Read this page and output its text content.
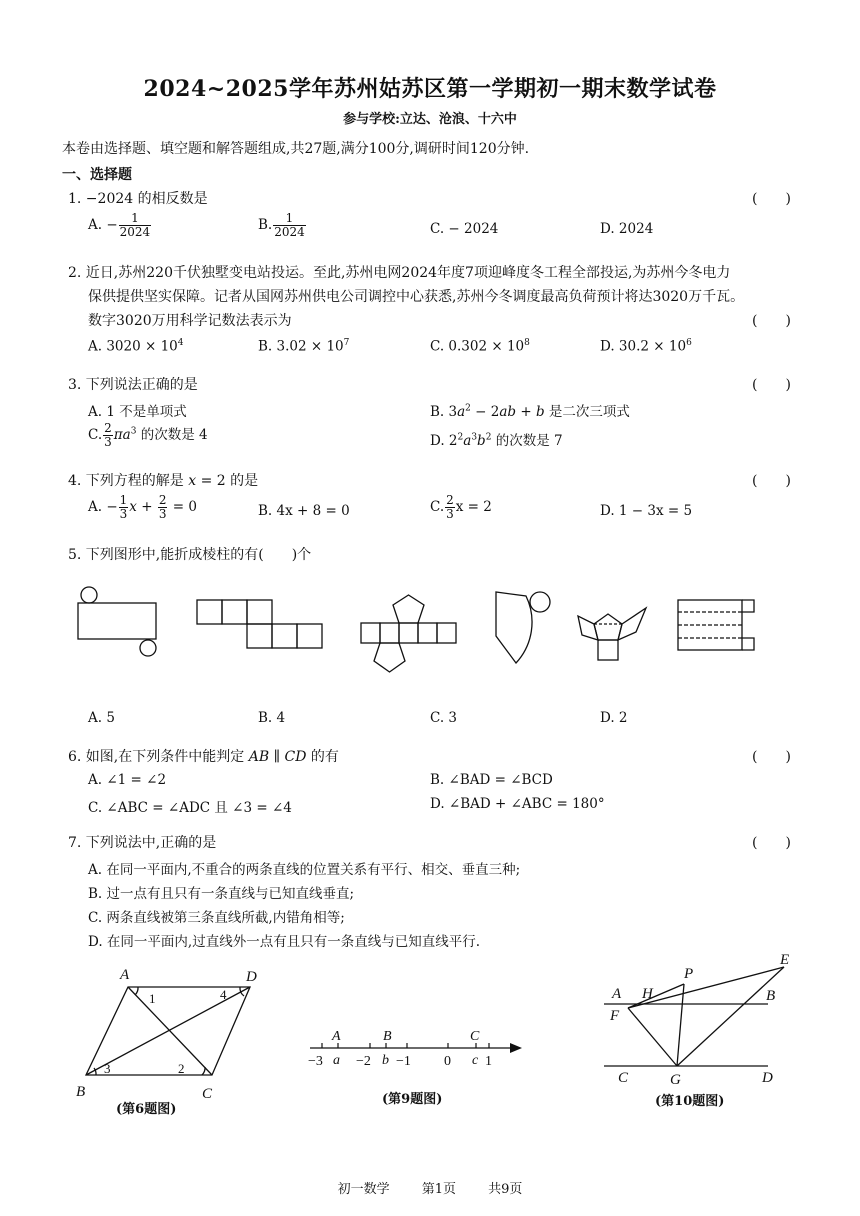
2024~2025学年苏州姑苏区第一学期初一期末数学试卷
参与学校:立达、沧浪、十六中
本卷由选择题、填空题和解答题组成,共27题,满分100分,调研时间120分钟.
一、选择题
1. −2024 的相反数是	(　　)
A. − $\frac{1}{2024}$	B. $\frac{1}{2024}$	C. − 2024	D. 2024
2. 近日,苏州220千伏独墅变电站投运。至此,苏州电网2024年度7项迎峰度冬工程全部投运,为苏州今冬电力
保供提供坚实保障。记者从国网苏州供电公司调控中心获悉,苏州今冬调度最高负荷预计将达3020万千瓦。
数字3020万用科学记数法表示为	(　　)
A. $3020 \times 10^4$	B. $3.02 \times 10^7$	C. $0.302 \times 10^8$	D. $30.2 \times 10^6$
3. 下列说法正确的是	(　　)
A. 1 不是单项式	B. $3a^2 - 2ab + b$ 是二次三项式
C. $\frac{2}{3} \pi a^3$ 的次数是 4	D. $2^2a^3b^2$ 的次数是 7
4. 下列方程的解是 x = 2 的是	(　　)
A. − $\frac{1}{3}$ $x + \frac{2}{3} = 0$	B. 4x + 8 = 0	C. $\frac{2}{3}$ x = 2	D. 1 − 3x = 5
5. 下列图形中,能折成棱柱的有(　　)个
A. 5	B. 4	C. 3	D. 2
6. 如图,在下列条件中能判定 AB ∥ CD 的有	(　　)
A. ∠1 = ∠2	B. ∠BAD = ∠BCD
C. ∠ABC = ∠ADC 且 ∠3 = ∠4	D. ∠BAD + ∠ABC = 180°
7. 下列说法中,正确的是	(　　)
A. 在同一平面内,不重合的两条直线的位置关系有平行、相交、垂直三种;
B. 过一点有且只有一条直线与已知直线垂直;
C. 两条直线被第三条直线所截,内错角相等;
D. 在同一平面内,过直线外一点有且只有一条直线与已知直线平行.
A	D
B	C
1	4
3	2
(第6题图)
A	B	C
−3 a −2 b −1 0 c 1
(第9题图)
A H
P
E
B
F
C	G	D
(第10题图)
初一数学 第1页 共9页
